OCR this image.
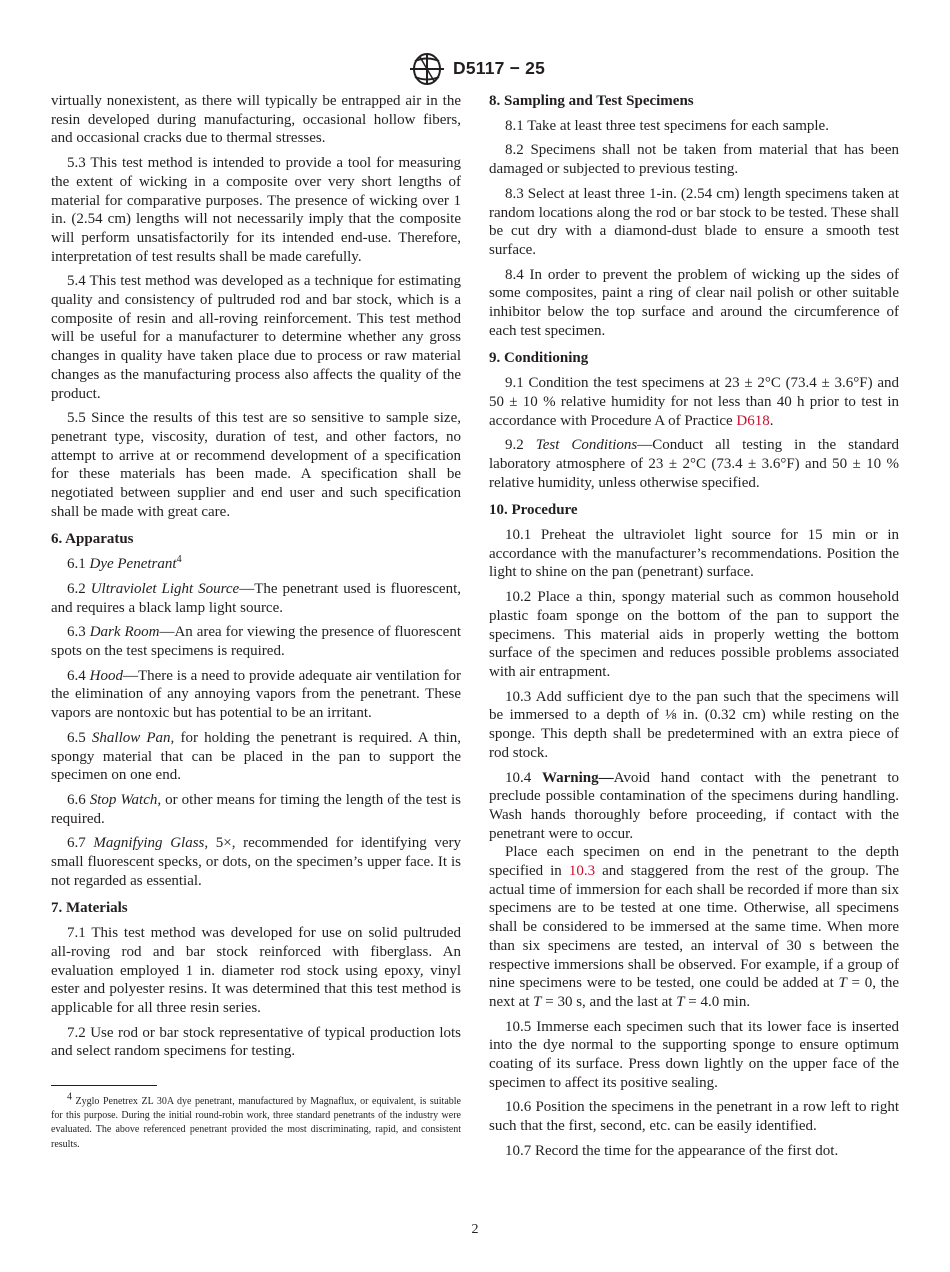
D5117 − 25

virtually nonexistent, as there will typically be entrapped air in the resin developed during manufacturing, occasional hollow fibers, and occasional cracks due to thermal stresses.

5.3 This test method is intended to provide a tool for measuring the extent of wicking in a composite over very short lengths of material for comparative purposes. The presence of wicking over 1 in. (2.54 cm) lengths will not necessarily imply that the composite will perform unsatisfactorily for its intended end-use. Therefore, interpretation of test results shall be made carefully.

5.4 This test method was developed as a technique for estimating quality and consistency of pultruded rod and bar stock, which is a composite of resin and all-roving reinforcement. This test method will be useful for a manufacturer to determine whether any gross changes in quality have taken place due to process or raw material changes as the manufacturing process also affects the quality of the product.

5.5 Since the results of this test are so sensitive to sample size, penetrant type, viscosity, duration of test, and other factors, no attempt to arrive at or recommend development of a specification for these materials has been made. A specification shall be negotiated between supplier and end user and such specification shall be made with great care.

6. Apparatus

6.1 Dye Penetrant$^4$

6.2 Ultraviolet Light Source—The penetrant used is fluorescent, and requires a black lamp light source.

6.3 Dark Room—An area for viewing the presence of fluorescent spots on the test specimens is required.

6.4 Hood—There is a need to provide adequate air ventilation for the elimination of any annoying vapors from the penetrant. These vapors are nontoxic but has potential to be an irritant.

6.5 Shallow Pan, for holding the penetrant is required. A thin, spongy material that can be placed in the pan to support the specimen on one end.

6.6 Stop Watch, or other means for timing the length of the test is required.

6.7 Magnifying Glass, 5×, recommended for identifying very small fluorescent specks, or dots, on the specimen’s upper face. It is not regarded as essential.

7. Materials

7.1 This test method was developed for use on solid pultruded all-roving rod and bar stock reinforced with fiberglass. An evaluation employed 1 in. diameter rod stock using epoxy, vinyl ester and polyester resins. It was determined that this test method is applicable for all three resin series.

7.2 Use rod or bar stock representative of typical production lots and select random specimens for testing.

$^4$ Zyglo Penetrex ZL 30A dye penetrant, manufactured by Magnaflux, or equivalent, is suitable for this purpose. During the initial round-robin work, three standard penetrants of the industry were evaluated. The above referenced penetrant provided the most discriminating, rapid, and consistent results.

8. Sampling and Test Specimens

8.1 Take at least three test specimens for each sample.

8.2 Specimens shall not be taken from material that has been damaged or subjected to previous testing.

8.3 Select at least three 1-in. (2.54 cm) length specimens taken at random locations along the rod or bar stock to be tested. These shall be cut dry with a diamond-dust blade to ensure a smooth test surface.

8.4 In order to prevent the problem of wicking up the sides of some composites, paint a ring of clear nail polish or other suitable inhibitor below the top surface and around the circumference of each test specimen.

9. Conditioning

9.1 Condition the test specimens at 23 ± 2°C (73.4 ± 3.6°F) and 50 ± 10 % relative humidity for not less than 40 h prior to test in accordance with Procedure A of Practice D618.

9.2 Test Conditions—Conduct all testing in the standard laboratory atmosphere of 23 ± 2°C (73.4 ± 3.6°F) and 50 ± 10 % relative humidity, unless otherwise specified.

10. Procedure

10.1 Preheat the ultraviolet light source for 15 min or in accordance with the manufacturer’s recommendations. Position the light to shine on the pan (penetrant) surface.

10.2 Place a thin, spongy material such as common household plastic foam sponge on the bottom of the pan to support the specimens. This material aids in properly wetting the bottom surface of the specimen and reduces possible problems associated with air entrapment.

10.3 Add sufficient dye to the pan such that the specimens will be immersed to a depth of ⅛ in. (0.32 cm) while resting on the sponge. This depth shall be predetermined with an extra piece of rod stock.

10.4 Warning—Avoid hand contact with the penetrant to preclude possible contamination of the specimens during handling. Wash hands thoroughly before proceeding, if contact with the penetrant were to occur.

Place each specimen on end in the penetrant to the depth specified in 10.3 and staggered from the rest of the group. The actual time of immersion for each shall be recorded if more than six specimens are to be tested at one time. Otherwise, all specimens shall be considered to be immersed at the same time. When more than six specimens are tested, an interval of 30 s between the respective immersions shall be observed. For example, if a group of nine specimens were to be tested, one could be added at T = 0, the next at T = 30 s, and the last at T = 4.0 min.

10.5 Immerse each specimen such that its lower face is inserted into the dye normal to the supporting sponge to ensure optimum coating of its surface. Press down lightly on the upper face of the specimen to affect its positive sealing.

10.6 Position the specimens in the penetrant in a row left to right such that the first, second, etc. can be easily identified.

10.7 Record the time for the appearance of the first dot.

2
